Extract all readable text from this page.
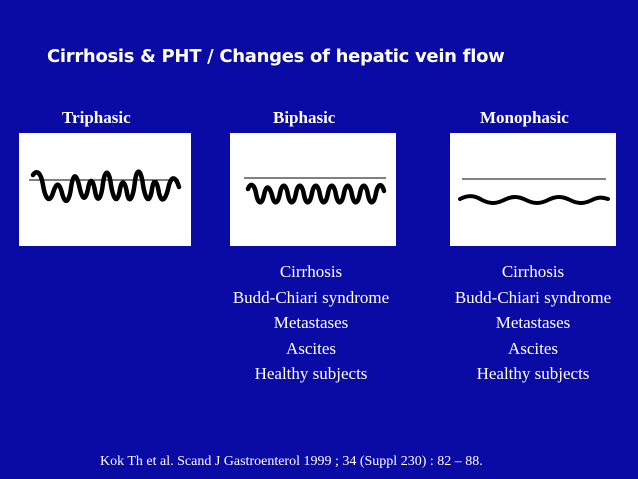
Cirrhosis & PHT / Changes of hepatic vein flow
Triphasic	Biphasic	Monophasic
Cirrhosis
Budd-Chiari syndrome
Metastases
Ascites
Healthy subjects
Cirrhosis
Budd-Chiari syndrome
Metastases
Ascites
Healthy subjects
Kok Th et al. Scand J Gastroenterol 1999 ; 34 (Suppl 230) : 82 – 88.
